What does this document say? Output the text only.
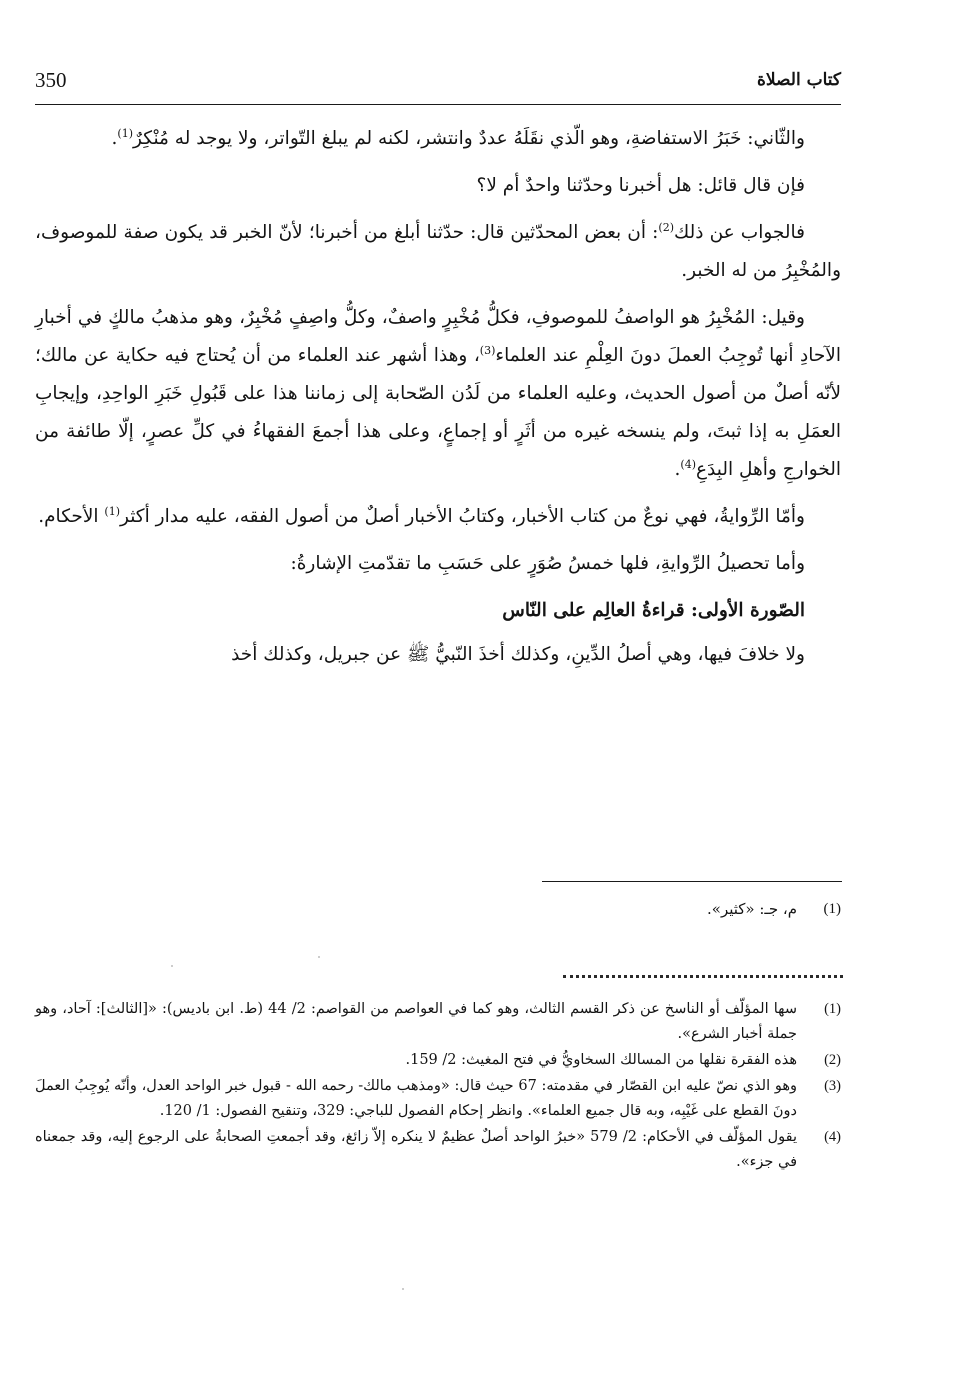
350	كتاب الصلاة

والثّاني: خَبَرُ الاستفاضةِ، وهو الّذي نقَلَهُ عددٌ وانتشر، لكنه لم يبلغ التّواتر، ولا يوجد له مُنْكِرٌ$^{(1)}$.

فإن قال قائل: هل أخبرنا وحدّثنا واحدٌ أم لا؟

فالجواب عن ذلك$^{(2)}$: أن بعض المحدّثين قال: حدّثنا أبلغ من أخبرنا؛ لأنّ الخبر قد يكون صفة للموصوف، والمُخْبِرُ من له الخبر.

وقيل: المُخْبِرُ هو الواصفُ للموصوفِ، فكلُّ مُخْبِرٍ واصفٌ، وكلُّ واصِفٍ مُخْبِرٌ، وهو مذهبُ مالكٍ في أخبارِ الآحادِ أنها تُوجِبُ العملَ دونَ العِلْمِ عند العلماء$^{(3)}$، وهذا أشهر عند العلماء من أن يُحتاج فيه حكاية عن مالك؛ لأنّه أصلٌ من أصول الحديث، وعليه العلماء من لَدُن الصّحابة إلى زماننا هذا على قَبُولِ خَبَرِ الواحِدِ، وإيجابِ العمَلِ به إذا ثبتَ، ولم ينسخه غيره من أثَرٍ أو إجماعٍ، وعلى هذا أجمعَ الفقهاءُ في كلِّ عصرٍ، إلّا طائفة من الخوارجِ وأهلِ البِدَعِ$^{(4)}$.

وأمّا الرِّوايةُ، فهي نوعٌ من كتاب الأخبار، وكتابُ الأخبار أصلٌ من أصول الفقه، عليه مدار أكثر$^{(1)}$ الأحكام.

وأما تحصيلُ الرِّوايةِ، فلها خمسُ صُوَرٍ على حَسَبِ ما تقدّمتِ الإشارةُ:

الصّورة الأولى: قراءةُ العالِم على النّاس

ولا خلافَ فيها، وهي أصلُ الدِّينِ، وكذلك أخذَ النّبيُّ ﷺ عن جبريل، وكذلك أخذ

(1)
م، جـ: «كثير».
(1)
سها المؤلّف أو الناسخ عن ذكر القسم الثالث، وهو كما في العواصم من القواصم: 2/ 44 (ط. ابن باديس): «[الثالث]: آحاد، وهو جملة أخبار الشرع».
(2)
هذه الفقرة نقلها من المسالك السخاويُّ في فتح المغيث: 2/ 159.
(3)
وهو الذي نصّ عليه ابن القصّار في مقدمته: 67 حيث قال: «ومذهب مالك- رحمه الله - قبول خبر الواحد العدل، وأنّه يُوجِبُ العملَ دونَ القطع على غَيْبِه، وبه قال جميع العلماء». وانظر إحكام الفصول للباجي: 329، وتنقيح الفصول: 1/ 120.
(4)
يقول المؤلّف في الأحكام: 2/ 579 «خبرُ الواحد أصلٌ عظيمٌ لا ينكره إلاّ زائغ، وقد أجمعتِ الصحابةُ على الرجوع إليه، وقد جمعناه في جزء».
